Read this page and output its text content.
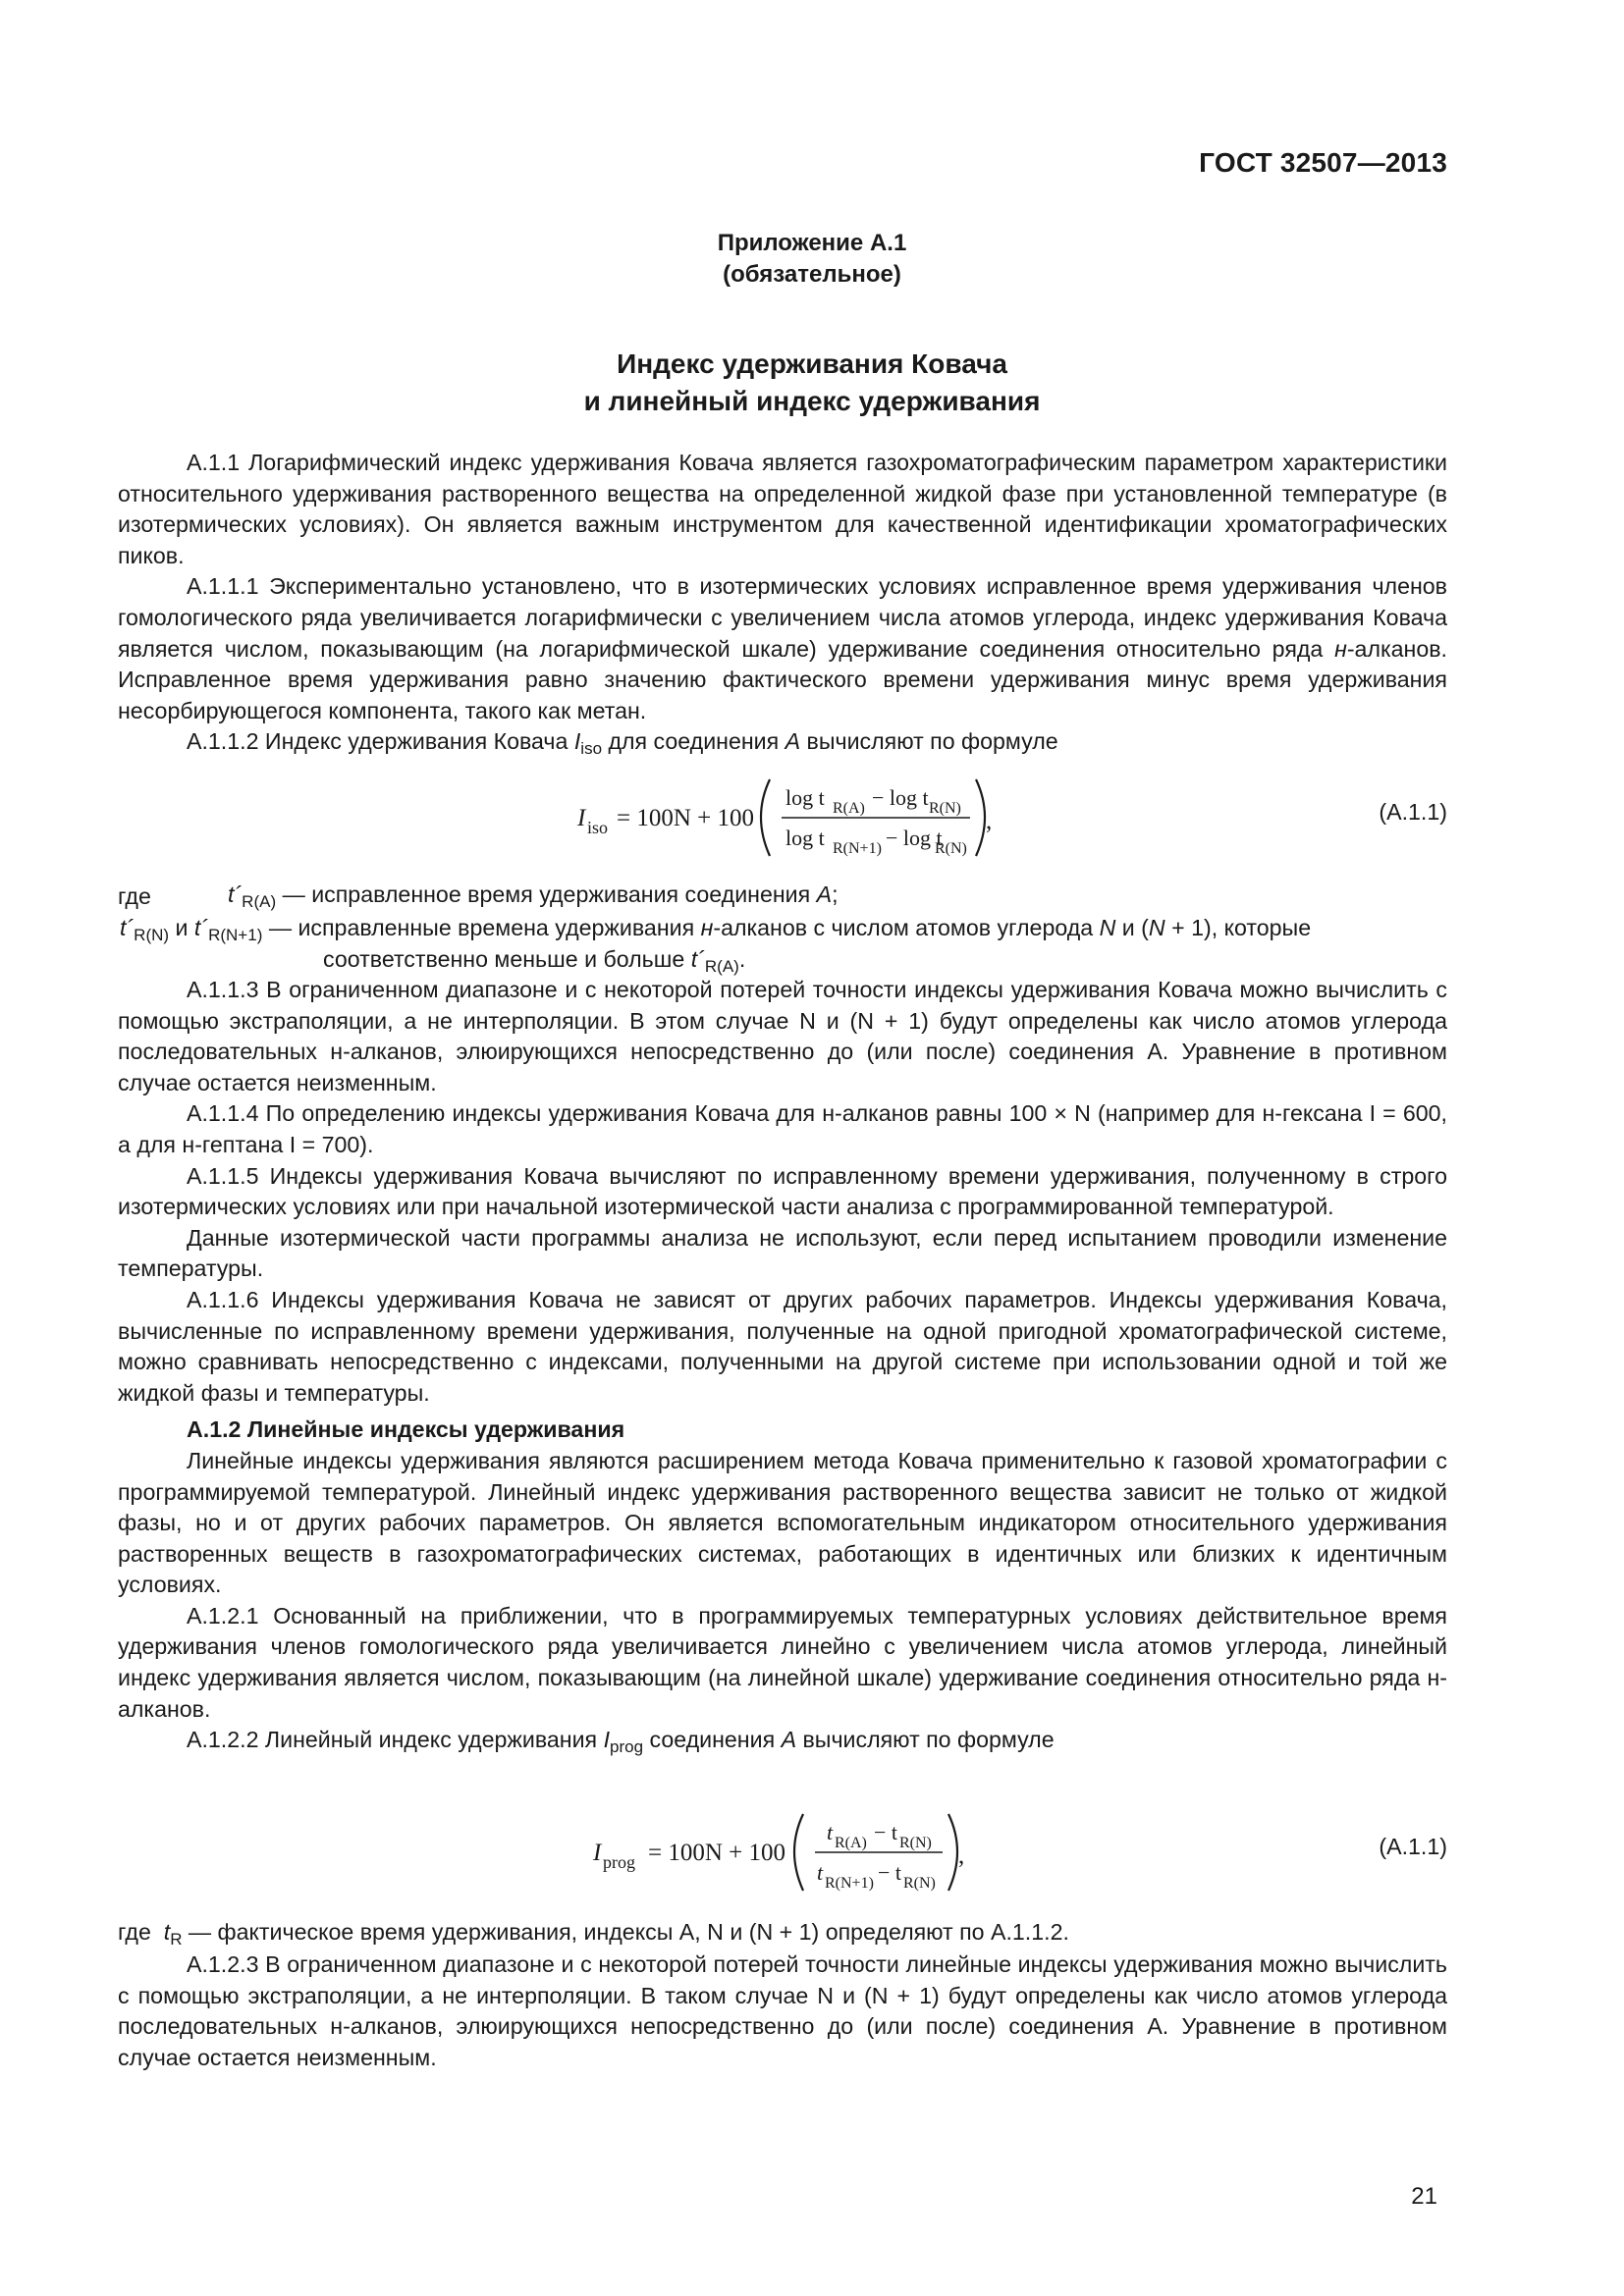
ГОСТ 32507—2013
Приложение А.1
(обязательное)
Индекс удерживания Ковача
и линейный индекс удерживания

А.1.1 Логарифмический индекс удерживания Ковача является газохроматографическим параметром характеристики относительного удерживания растворенного вещества на определенной жидкой фазе при установленной температуре (в изотермических условиях). Он является важным инструментом для качественной идентификации хроматографических пиков.

А.1.1.1 Экспериментально установлено, что в изотермических условиях исправленное время удерживания членов гомологического ряда увеличивается логарифмически с увеличением числа атомов углерода, индекс удерживания Ковача является числом, показывающим (на логарифмической шкале) удерживание соединения относительно ряда н-алканов. Исправленное время удерживания равно значению фактического времени удерживания минус время удерживания несорбирующегося компонента, такого как метан.

А.1.1.2 Индекс удерживания Ковача $I_{iso}$ для соединения A вычисляют по формуле

I iso = 100N + 100
log t R(A) − log t R(N)
log t R(N+1) − log t
R(N)
,	(А.1.1)
где	$t´_{R(A)}$ — исправленное время удерживания соединения A;
$t´_{R(N)}$ и $t´_{R(N+1)}$ — исправленные времена удерживания н-алканов с числом атомов углерода N и (N + 1), которые
соответственно меньше и больше $t´_{R(A)}$.

А.1.1.3 В ограниченном диапазоне и с некоторой потерей точности индексы удерживания Ковача можно вычислить с помощью экстраполяции, а не интерполяции. В этом случае N и (N + 1) будут определены как число атомов углерода последовательных н-алканов, элюирующихся непосредственно до (или после) соединения A. Уравнение в противном случае остается неизменным.

А.1.1.4 По определению индексы удерживания Ковача для н-алканов равны 100 × N (например для н-гексана I = 600, а для н-гептана I = 700).

А.1.1.5 Индексы удерживания Ковача вычисляют по исправленному времени удерживания, полученному в строго изотермических условиях или при начальной изотермической части анализа с программированной температурой.

Данные изотермической части программы анализа не используют, если перед испытанием проводили изменение температуры.

А.1.1.6 Индексы удерживания Ковача не зависят от других рабочих параметров. Индексы удерживания Ковача, вычисленные по исправленному времени удерживания, полученные на одной пригодной хроматографической системе, можно сравнивать непосредственно с индексами, полученными на другой системе при использовании одной и той же жидкой фазы и температуры.

А.1.2 Линейные индексы удерживания

Линейные индексы удерживания являются расширением метода Ковача применительно к газовой хроматографии с программируемой температурой. Линейный индекс удерживания растворенного вещества зависит не только от жидкой фазы, но и от других рабочих параметров. Он является вспомогательным индикатором относительного удерживания растворенных веществ в газохроматографических системах, работающих в идентичных или близких к идентичным условиях.

А.1.2.1 Основанный на приближении, что в программируемых температурных условиях действительное время удерживания членов гомологического ряда увеличивается линейно с увеличением числа атомов углерода, линейный индекс удерживания является числом, показывающим (на линейной шкале) удерживание соединения относительно ряда н-алканов.

А.1.2.2 Линейный индекс удерживания $I_{prog}$ соединения A вычисляют по формуле

I prog = 100N + 100
t R(A) − t R(N)
t R(N+1) − t R(N)
,	(А.1.1)
где $t_R$ — фактическое время удерживания, индексы A, N и (N + 1) определяют по А.1.1.2.

А.1.2.3 В ограниченном диапазоне и с некоторой потерей точности линейные индексы удерживания можно вычислить с помощью экстраполяции, а не интерполяции. В таком случае N и (N + 1) будут определены как число атомов углерода последовательных н-алканов, элюирующихся непосредственно до (или после) соединения A. Уравнение в противном случае остается неизменным.

21
